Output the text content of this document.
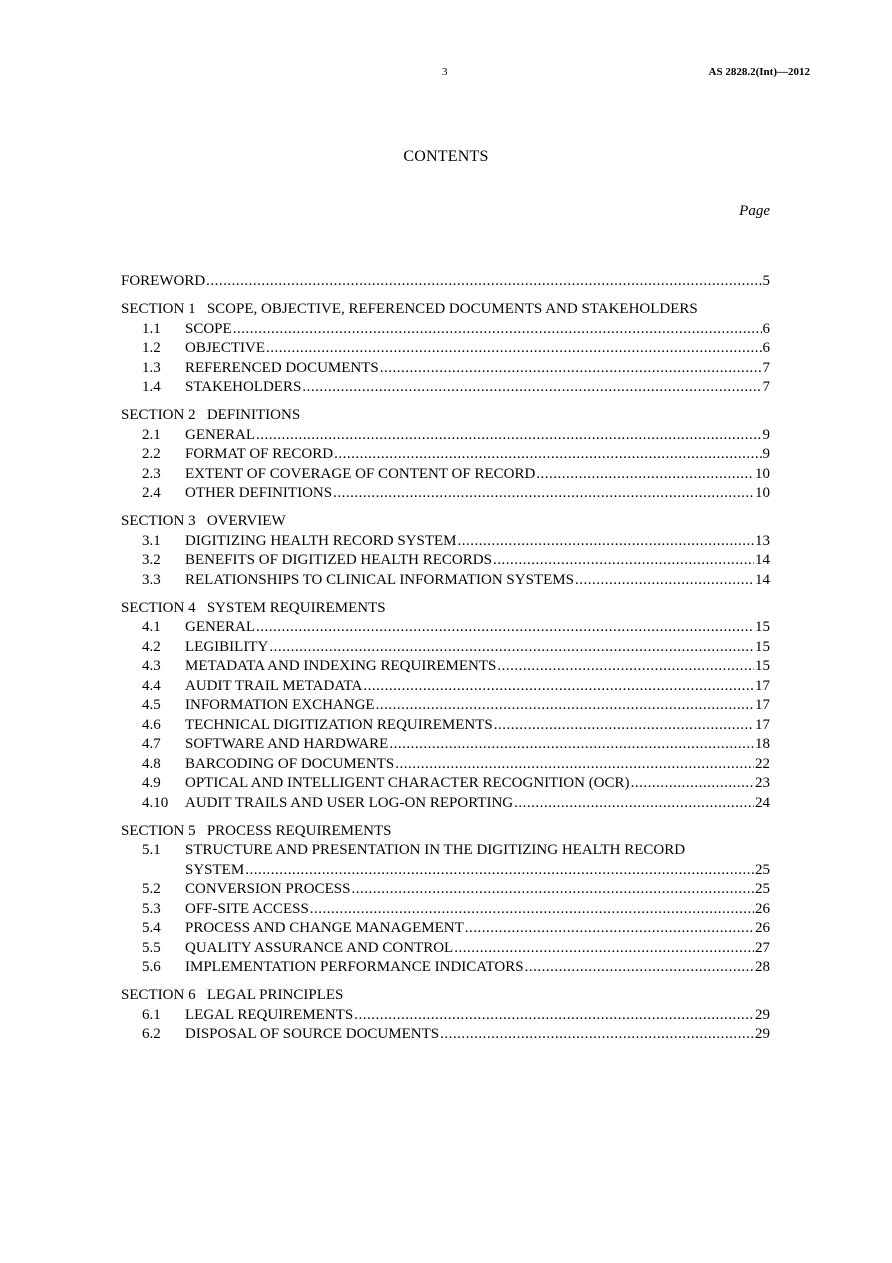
3	AS 2828.2(Int)—2012
CONTENTS
Page
FOREWORD .....	5
SECTION 1   SCOPE, OBJECTIVE, REFERENCED DOCUMENTS AND STAKEHOLDERS
1.1	SCOPE .....	6
1.2	OBJECTIVE .....	6
1.3	REFERENCED DOCUMENTS .....	7
1.4	STAKEHOLDERS .....	7
SECTION 2   DEFINITIONS
2.1	GENERAL .....	9
2.2	FORMAT OF RECORD .....	9
2.3	EXTENT OF COVERAGE OF CONTENT OF RECORD .....	10
2.4	OTHER DEFINITIONS .....	10
SECTION 3   OVERVIEW
3.1	DIGITIZING HEALTH RECORD SYSTEM .....	13
3.2	BENEFITS OF DIGITIZED HEALTH RECORDS .....	14
3.3	RELATIONSHIPS TO CLINICAL INFORMATION SYSTEMS .....	14
SECTION 4   SYSTEM REQUIREMENTS
4.1	GENERAL .....	15
4.2	LEGIBILITY .....	15
4.3	METADATA AND INDEXING REQUIREMENTS .....	15
4.4	AUDIT TRAIL METADATA .....	17
4.5	INFORMATION EXCHANGE .....	17
4.6	TECHNICAL DIGITIZATION REQUIREMENTS .....	17
4.7	SOFTWARE AND HARDWARE .....	18
4.8	BARCODING OF DOCUMENTS .....	22
4.9	OPTICAL AND INTELLIGENT CHARACTER RECOGNITION (OCR) .....	23
4.10	AUDIT TRAILS AND USER LOG-ON REPORTING .....	24
SECTION 5   PROCESS REQUIREMENTS
5.1 STRUCTURE AND PRESENTATION IN THE DIGITIZING HEALTH RECORD
SYSTEM .....	25
5.2	CONVERSION PROCESS .....	25
5.3	OFF-SITE ACCESS .....	26
5.4	PROCESS AND CHANGE MANAGEMENT .....	26
5.5	QUALITY ASSURANCE AND CONTROL .....	27
5.6	IMPLEMENTATION PERFORMANCE INDICATORS .....	28
SECTION 6   LEGAL PRINCIPLES
6.1	LEGAL REQUIREMENTS .....	29
6.2	DISPOSAL OF SOURCE DOCUMENTS .....	29
